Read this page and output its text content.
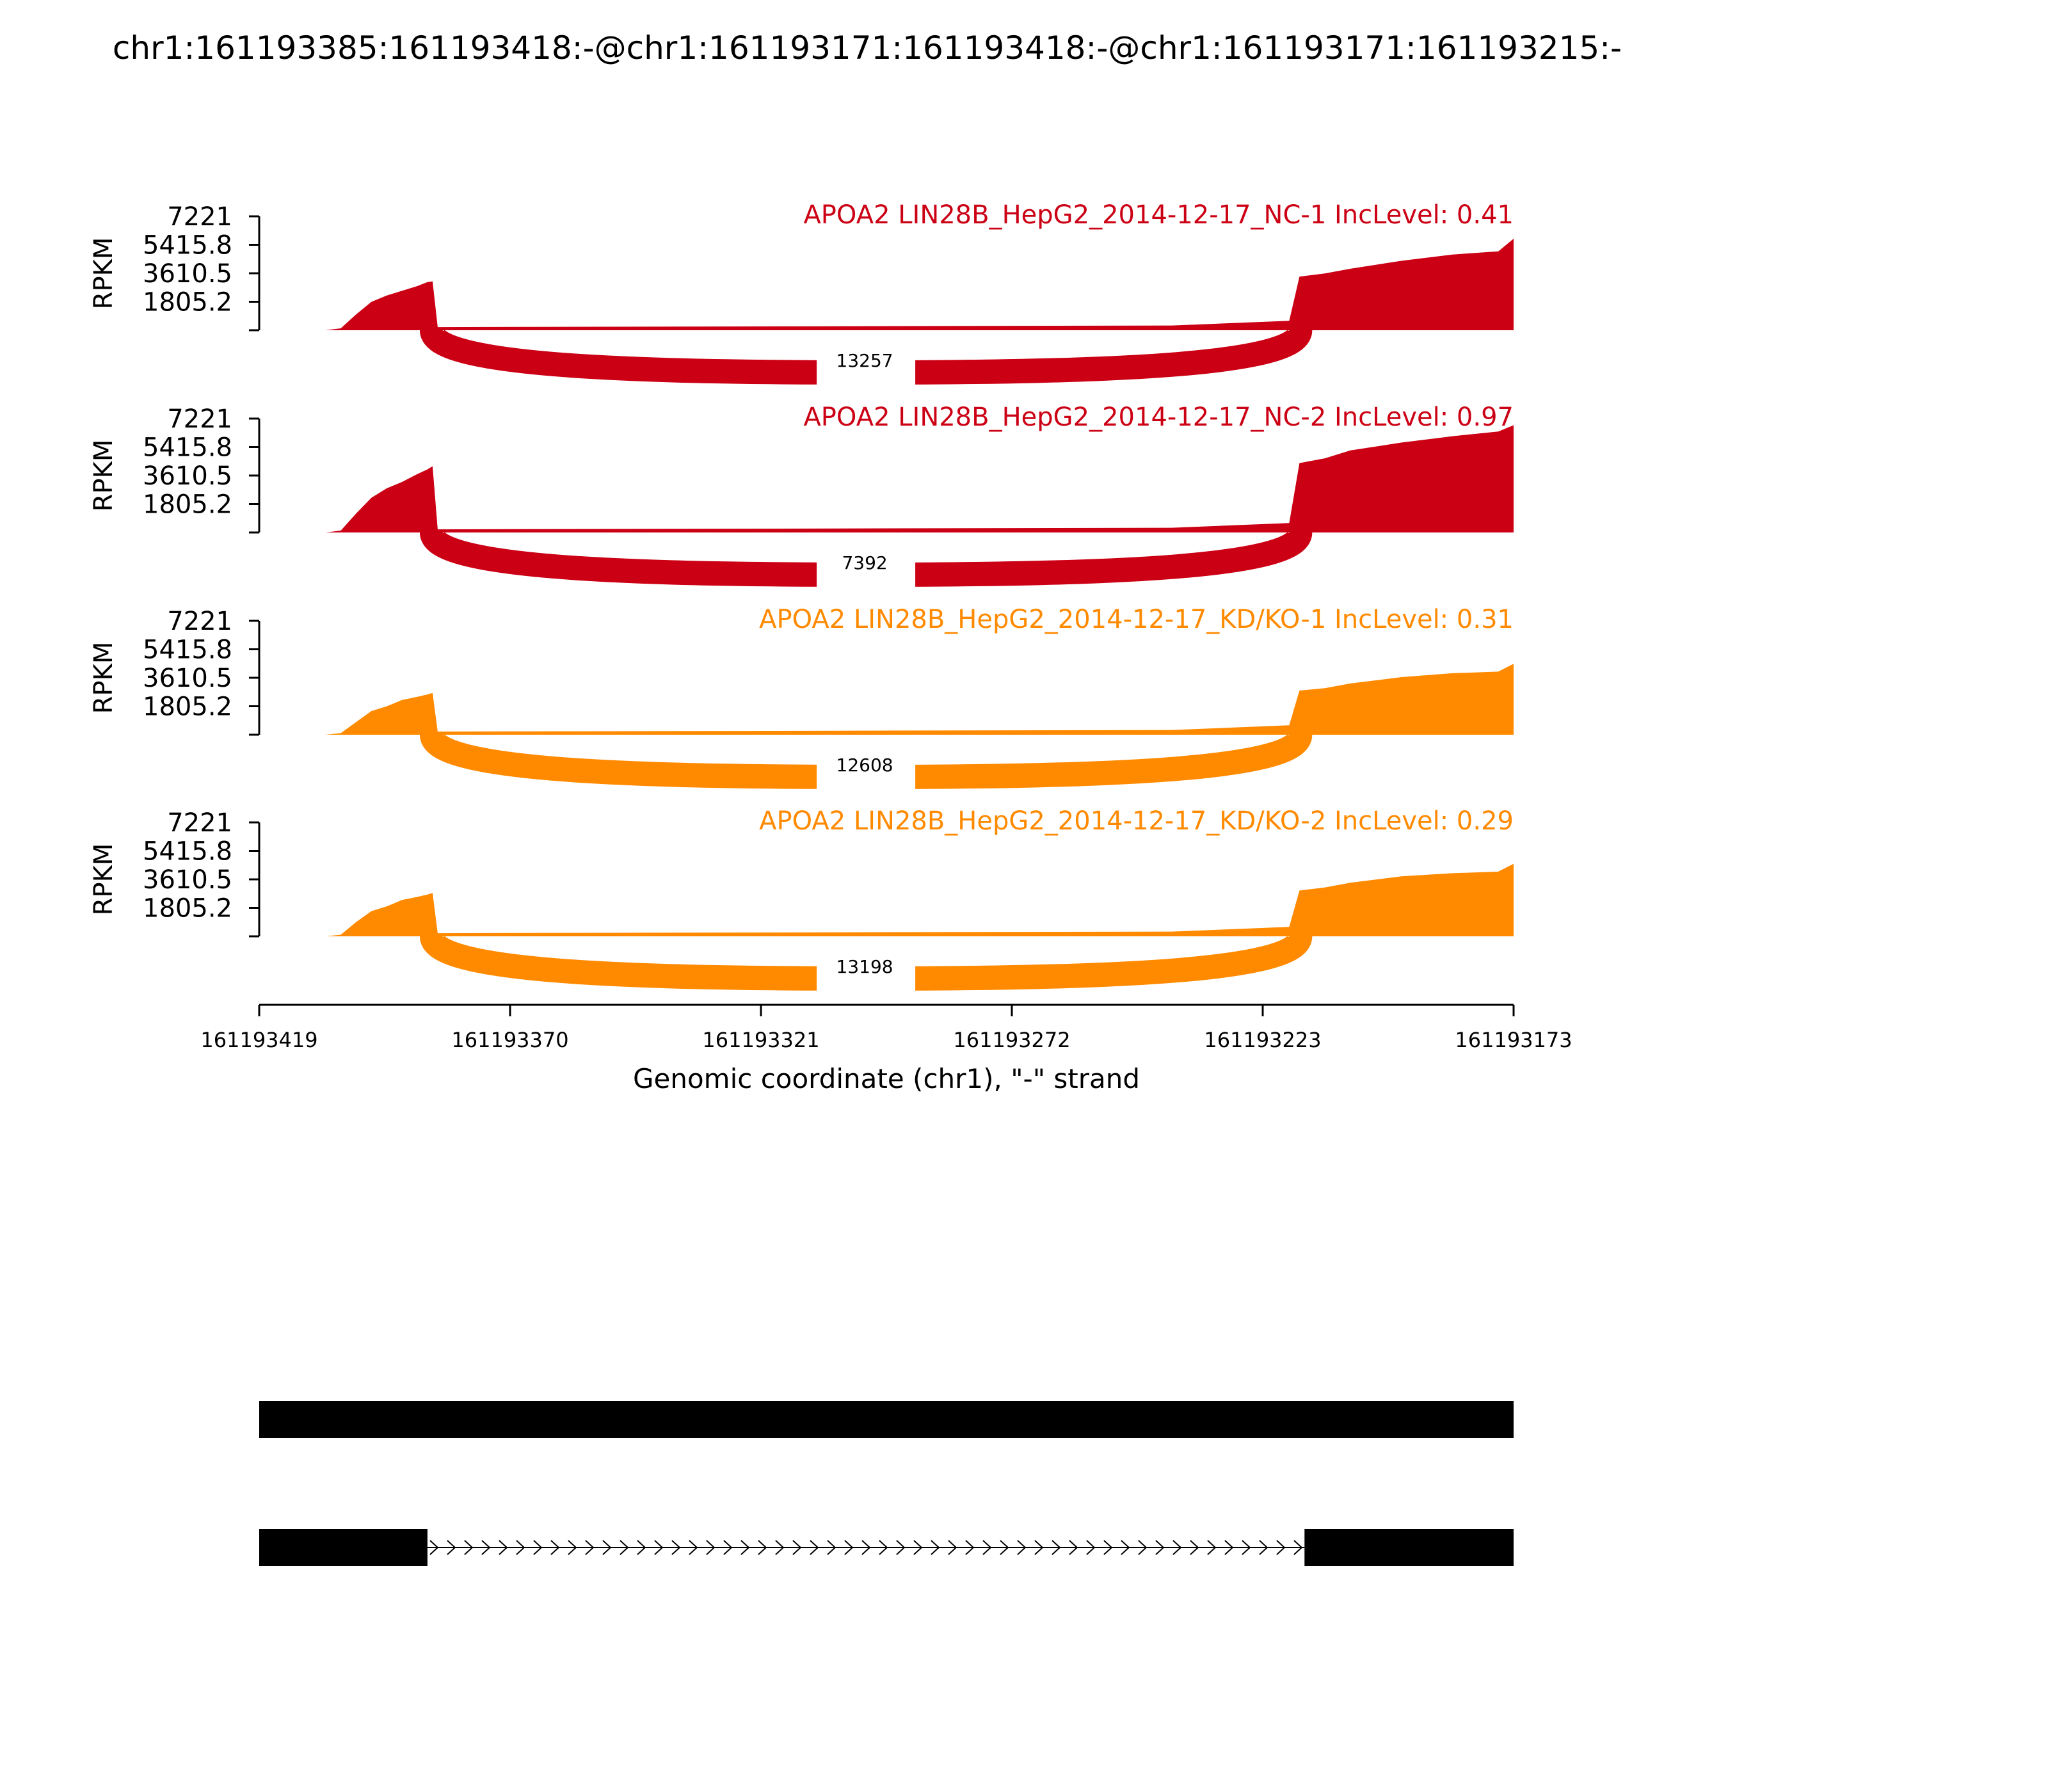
chr1:161193385:161193418:-@chr1:161193171:161193418:-@chr1:161193171:161193215:-
13257
APOA2 LIN28B_HepG2_2014-12-17_NC-1 IncLevel: 0.41
1805.2
3610.5
5415.8
7221
RPKM
7392
APOA2 LIN28B_HepG2_2014-12-17_NC-2 IncLevel: 0.97
1805.2
3610.5
5415.8
7221
RPKM
12608
APOA2 LIN28B_HepG2_2014-12-17_KD/KO-1 IncLevel: 0.31
1805.2
3610.5
5415.8
7221
RPKM
13198
APOA2 LIN28B_HepG2_2014-12-17_KD/KO-2 IncLevel: 0.29
1805.2
3610.5
5415.8
7221
RPKM
161193419	161193370	161193321	161193272	161193223	161193173
Genomic coordinate (chr1), "-" strand
